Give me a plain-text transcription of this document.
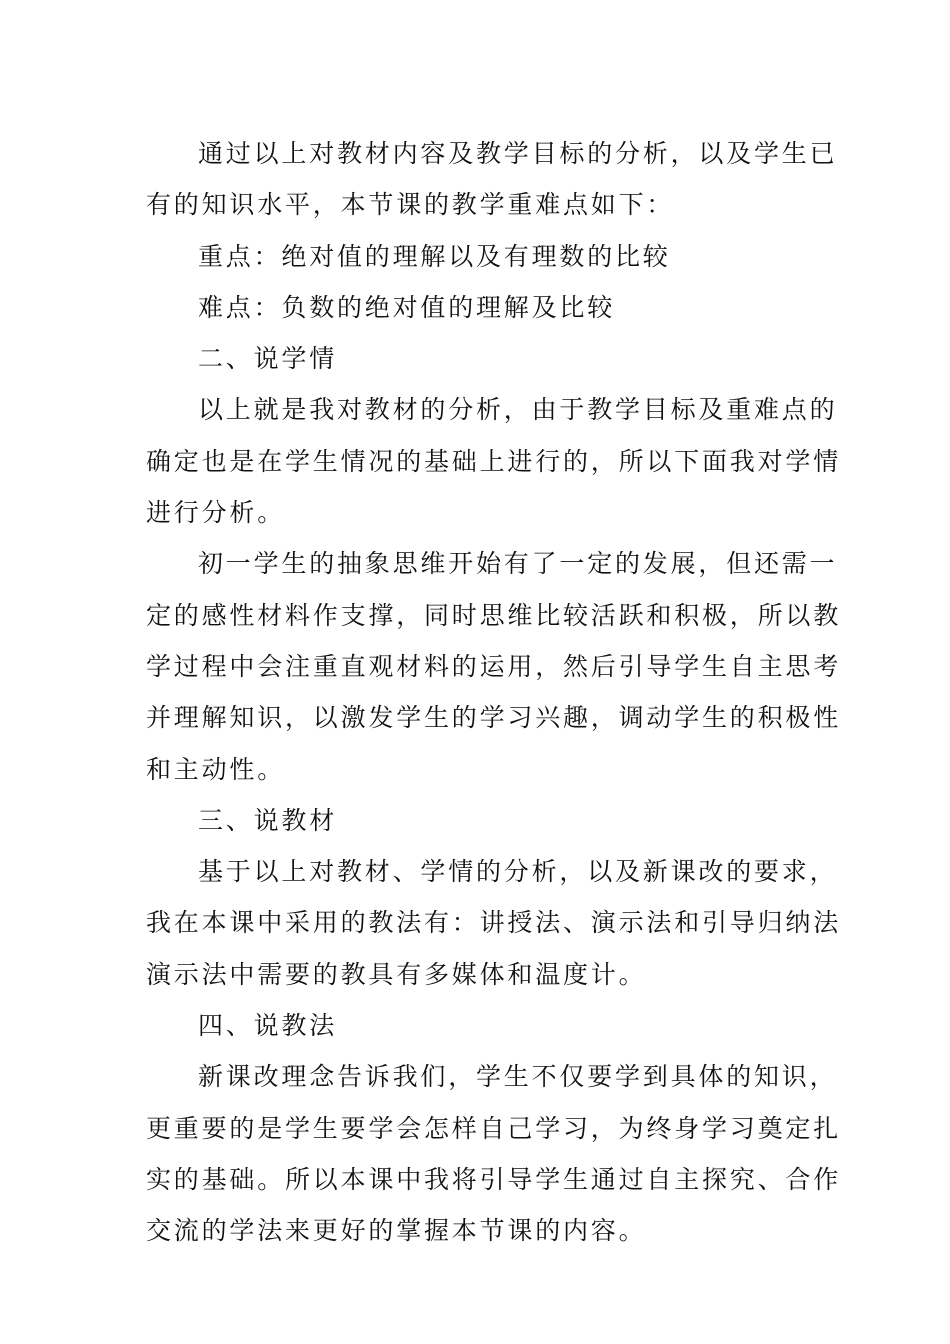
通过以上对教材内容及教学目标的分析，以及学生已

有的知识水平，本节课的教学重难点如下：

重点：绝对值的理解以及有理数的比较

难点：负数的绝对值的理解及比较

二、说学情

以上就是我对教材的分析，由于教学目标及重难点的

确定也是在学生情况的基础上进行的，所以下面我对学情

进行分析。

初一学生的抽象思维开始有了一定的发展，但还需一

定的感性材料作支撑，同时思维比较活跃和积极，所以教

学过程中会注重直观材料的运用，然后引导学生自主思考

并理解知识，以激发学生的学习兴趣，调动学生的积极性

和主动性。

三、说教材

基于以上对教材、学情的分析，以及新课改的要求，

我在本课中采用的教法有：讲授法、演示法和引导归纳法

演示法中需要的教具有多媒体和温度计。

四、说教法

新课改理念告诉我们，学生不仅要学到具体的知识，

更重要的是学生要学会怎样自己学习，为终身学习奠定扎

实的基础。所以本课中我将引导学生通过自主探究、合作

交流的学法来更好的掌握本节课的内容。
